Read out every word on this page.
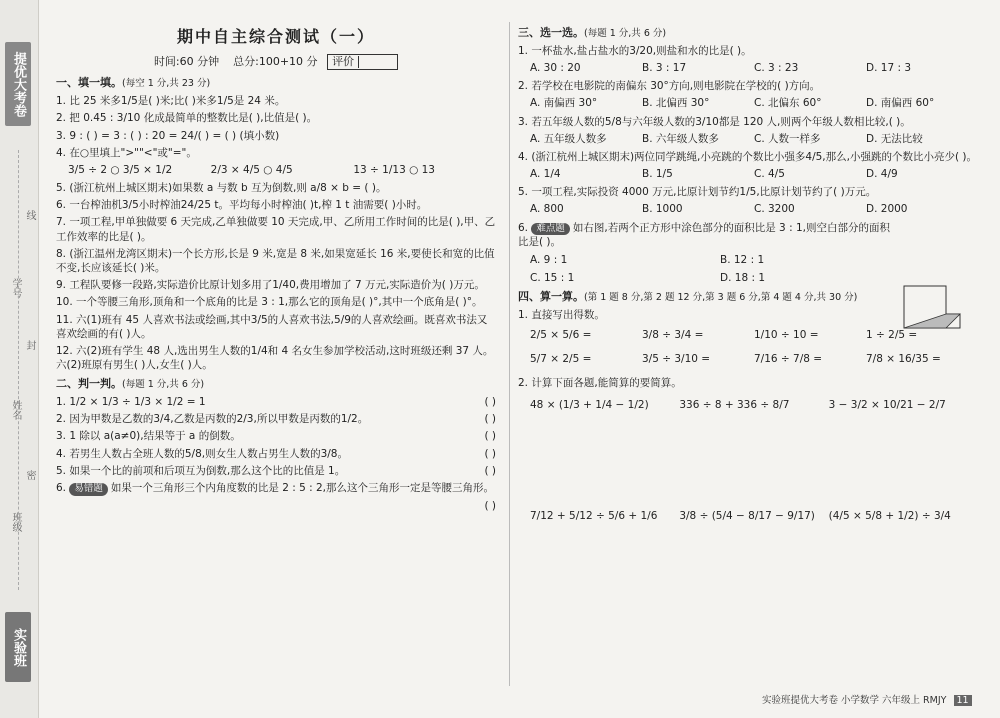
提优大考卷
学号
姓名
班级
线
封
密
实验班
期中自主综合测试（一）
时间:60 分钟 总分:100+10 分 评价
一、填一填。(每空 1 分,共 23 分)
1. 比 25 米多1/5是( )米;比( )米多1/5是 24 米。
2. 把 0.45 : 3/10 化成最简单的整数比是( ),比值是( )。
3. 9 : ( ) = 3 : ( ) : 20 = 24/( ) = ( ) (填小数)
4. 在○里填上">""<"或"="。
3/5 ÷ 2 ○ 3/5 × 1/2	2/3 × 4/5 ○ 4/5	13 ÷ 1/13 ○ 13
5. (浙江杭州上城区期末)如果数 a 与数 b 互为倒数,则 a/8 × b = ( )。
6. 一台榨油机3/5小时榨油24/25 t。平均每小时榨油( )t,榨 1 t 油需要( )小时。
7. 一项工程,甲单独做要 6 天完成,乙单独做要 10 天完成,甲、乙所用工作时间的比是( ),甲、乙工作效率的比是( )。
8. (浙江温州龙湾区期末)一个长方形,长是 9 米,宽是 8 米,如果宽延长 16 米,要使长和宽的比值不变,长应该延长( )米。
9. 工程队要修一段路,实际造价比原计划多用了1/40,费用增加了 7 万元,实际造价为( )万元。
10. 一个等腰三角形,顶角和一个底角的比是 3 : 1,那么它的顶角是( )°,其中一个底角是( )°。
11. 六(1)班有 45 人喜欢书法或绘画,其中3/5的人喜欢书法,5/9的人喜欢绘画。既喜欢书法又喜欢绘画的有( )人。
12. 六(2)班有学生 48 人,选出男生人数的1/4和 4 名女生参加学校活动,这时班级还剩 37 人。六(2)班原有男生( )人,女生( )人。
二、判一判。(每题 1 分,共 6 分)
1. 1/2 × 1/3 ÷ 1/3 × 1/2 = 1	( )
2. 因为甲数是乙数的3/4,乙数是丙数的2/3,所以甲数是丙数的1/2。	( )
3. 1 除以 a(a≠0),结果等于 a 的倒数。	( )
4. 若男生人数占全班人数的5/8,则女生人数占男生人数的3/8。	( )
5. 如果一个比的前项和后项互为倒数,那么这个比的比值是 1。	( )
6. 易错题 如果一个三角形三个内角度数的比是 2 : 5 : 2,那么这个三角形一定是等腰三角形。
( )
三、选一选。(每题 1 分,共 6 分)
1. 一杯盐水,盐占盐水的3/20,则盐和水的比是( )。
A. 30 : 20	B. 3 : 17	C. 3 : 23	D. 17 : 3
2. 若学校在电影院的南偏东 30°方向,则电影院在学校的( )方向。
A. 南偏西 30°	B. 北偏西 30°	C. 北偏东 60°	D. 南偏西 60°
3. 若五年级人数的5/8与六年级人数的3/10都是 120 人,则两个年级人数相比较,( )。
A. 五年级人数多	B. 六年级人数多	C. 人数一样多	D. 无法比较
4. (浙江杭州上城区期末)两位同学跳绳,小亮跳的个数比小强多4/5,那么,小强跳的个数比小亮少( )。
A. 1/4	B. 1/5	C. 4/5	D. 4/9
5. 一项工程,实际投资 4000 万元,比原计划节约1/5,比原计划节约了( )万元。
A. 800	B. 1000	C. 3200	D. 2000
6. 难点题 如右图,若两个正方形中涂色部分的面积比是 3 : 1,则空白部分的面积比是( )。
A. 9 : 1	B. 12 : 1
C. 15 : 1	D. 18 : 1
四、算一算。(第 1 题 8 分,第 2 题 12 分,第 3 题 6 分,第 4 题 4 分,共 30 分)
1. 直接写出得数。
2/5 × 5/6 =	3/8 ÷ 3/4 =	1/10 ÷ 10 =	1 ÷ 2/5 =
5/7 × 2/5 =	3/5 ÷ 3/10 =	7/16 ÷ 7/8 =	7/8 × 16/35 =
2. 计算下面各题,能简算的要简算。
48 × (1/3 + 1/4 − 1/2)	336 ÷ 8 + 336 ÷ 8/7	3 − 3/2 × 10/21 − 2/7
7/12 + 5/12 ÷ 5/6 + 1/6	3/8 ÷ (5/4 − 8/17 − 9/17)	(4/5 × 5/8 + 1/2) ÷ 3/4
实验班提优大考卷 小学数学 六年级上 RMJY 11
